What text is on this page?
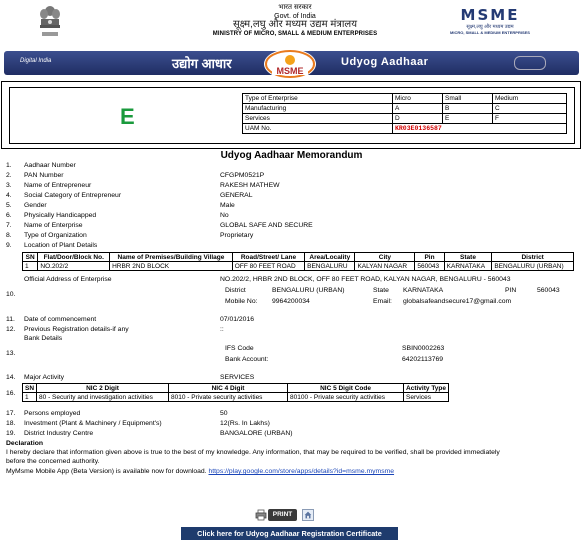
भारत सरकार
Govt. of India
सूक्ष्म,लघु और मध्यम उद्यम मंत्रालय
MINISTRY OF MICRO, SMALL & MEDIUM ENTERPRISES
MSME
सूक्ष्म,लघु और मध्यम उद्यम
MICRO, SMALL & MEDIUM ENTERPRISES
Digital India	उद्योग आधार	Udyog Aadhaar
MSME
E
Type of Enterprise	Micro	Small	Medium
Manufacturing	A	B	C
Services	D	E	F
UAM No.	KR03E0136587		
Udyog Aadhaar Memorandum
1. Aadhaar Number
2. PAN Number	CFGPM0521P
3. Name of Entrepreneur	RAKESH MATHEW
4. Social Category of Entrepreneur	GENERAL
5. Gender	Male
6. Physically Handicapped	No
7. Name of Enterprise	GLOBAL SAFE AND SECURE
8. Type of Organization	Proprietary
9. Location of Plant Details
SN	Flat/Door/Block No.	Name of Premises/Building Village	Road/Street/ Lane	Area/Locality	City	Pin	State	District
1	NO.202/2	HRBR 2ND BLOCK	OFF 80 FEET ROAD	BENGALURU	KALYAN NAGAR	560043	KARNATAKA	BENGALURU (URBAN)
Official Address of Enterprise	NO.202/2, HRBR 2ND BLOCK, OFF 80 FEET ROAD, KALYAN NAGAR, BENGALURU - 560043
10.
District	BENGALURU (URBAN)	State KARNATAKA	PIN	560043
Mobile No: 9964200034	Email: globalsafeandsecure17@gmail.com
11. Date of commencement	07/01/2016
12. Previous Registration details-if any	::
Bank Details
13.
IFS Code	SBIN0002263
Bank Account:	64202113769
14. Major Activity	SERVICES
16.
SN	NIC 2 Digit	NIC 4 Digit	NIC 5 Digit Code	Activity Type
1	80 - Security and investigation activities	8010 - Private security activities	80100 - Private security activities	Services
17. Persons employed	50
18. Investment (Plant & Machinery / Equipment's)	12(Rs. In Lakhs)
19. District Industry Centre	BANGALORE (URBAN)
Declaration
I hereby declare that information given above is true to the best of my knowledge. Any information, that may be required to be verified, shall be provided immediately
before the concerned authority.
MyMsme Mobile App (Beta Version) is available now for download. https://play.google.com/store/apps/details?id=msme.mymsme
PRINT
Click here for Udyog Aadhaar Registration Certificate
